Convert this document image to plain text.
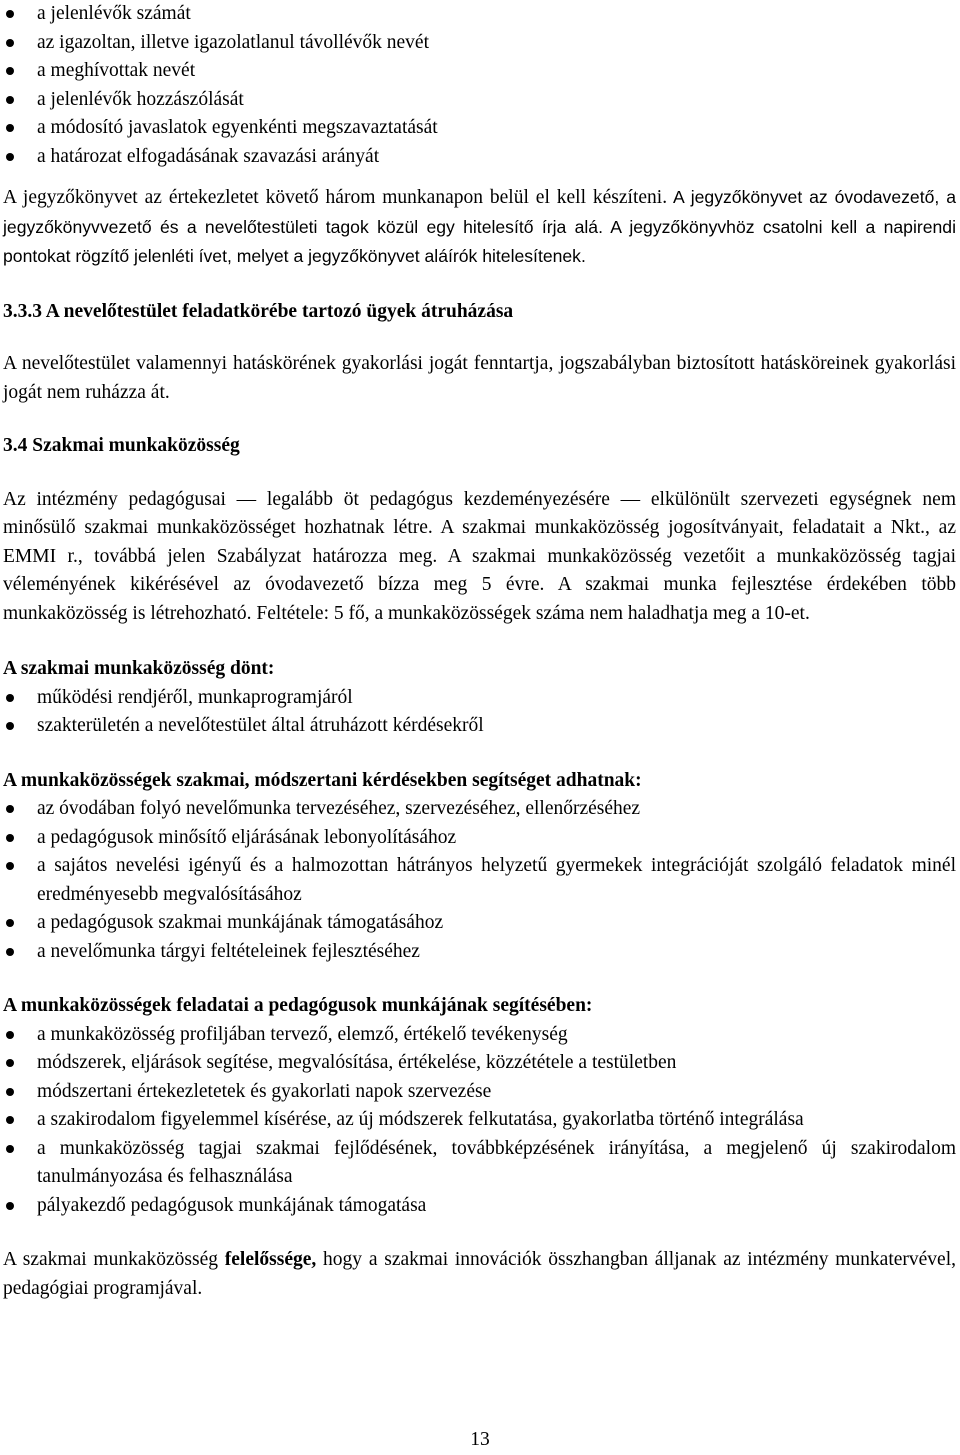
a jelenlévők számát
az igazoltan, illetve igazolatlanul távollévők nevét
a meghívottak nevét
a jelenlévők hozzászólását
a módosító javaslatok egyenkénti megszavaztatását
a határozat elfogadásának szavazási arányát

A jegyzőkönyvet az értekezletet követő három munkanapon belül el kell készíteni. A jegyzőkönyvet az óvodavezető, a jegyzőkönyvvezető és a nevelőtestületi tagok közül egy hitelesítő írja alá. A jegyzőkönyvhöz csatolni kell a napirendi pontokat rögzítő jelenléti ívet, melyet a jegyzőkönyvet aláírók hitelesítenek.

3.3.3 A nevelőtestület feladatkörébe tartozó ügyek átruházása

A nevelőtestület valamennyi hatáskörének gyakorlási jogát fenntartja, jogszabályban biztosított hatásköreinek gyakorlási jogát nem ruházza át.

3.4 Szakmai munkaközösség

Az intézmény pedagógusai ― legalább öt pedagógus kezdeményezésére ― elkülönült szervezeti egységnek nem minősülő szakmai munkaközösséget hozhatnak létre. A szakmai munkaközösség jogosítványait, feladatait a Nkt., az EMMI r., továbbá jelen Szabályzat határozza meg. A szakmai munkaközösség vezetőit a munkaközösség tagjai véleményének kikérésével az óvodavezető bízza meg 5 évre. A szakmai munka fejlesztése érdekében több munkaközösség is létrehozható. Feltétele: 5 fő, a munkaközösségek száma nem haladhatja meg a 10-et.

A szakmai munkaközösség dönt:

működési rendjéről, munkaprogramjáról
szakterületén a nevelőtestület által átruházott kérdésekről

A munkaközösségek szakmai, módszertani kérdésekben segítséget adhatnak:

az óvodában folyó nevelőmunka tervezéséhez, szervezéséhez, ellenőrzéséhez
a pedagógusok minősítő eljárásának lebonyolításához
a sajátos nevelési igényű és a halmozottan hátrányos helyzetű gyermekek integrációját szolgáló feladatok minél eredményesebb megvalósításához
a pedagógusok szakmai munkájának támogatásához
a nevelőmunka tárgyi feltételeinek fejlesztéséhez

A munkaközösségek feladatai a pedagógusok munkájának segítésében:

a munkaközösség profiljában tervező, elemző, értékelő tevékenység
módszerek, eljárások segítése, megvalósítása, értékelése, közzététele a testületben
módszertani értekezletetek és gyakorlati napok szervezése
a szakirodalom figyelemmel kísérése, az új módszerek felkutatása, gyakorlatba történő integrálása
a munkaközösség tagjai szakmai fejlődésének, továbbképzésének irányítása, a megjelenő új szakirodalom tanulmányozása és felhasználása
pályakezdő pedagógusok munkájának támogatása

A szakmai munkaközösség felelőssége, hogy a szakmai innovációk összhangban álljanak az intézmény munkatervével, pedagógiai programjával.

13
